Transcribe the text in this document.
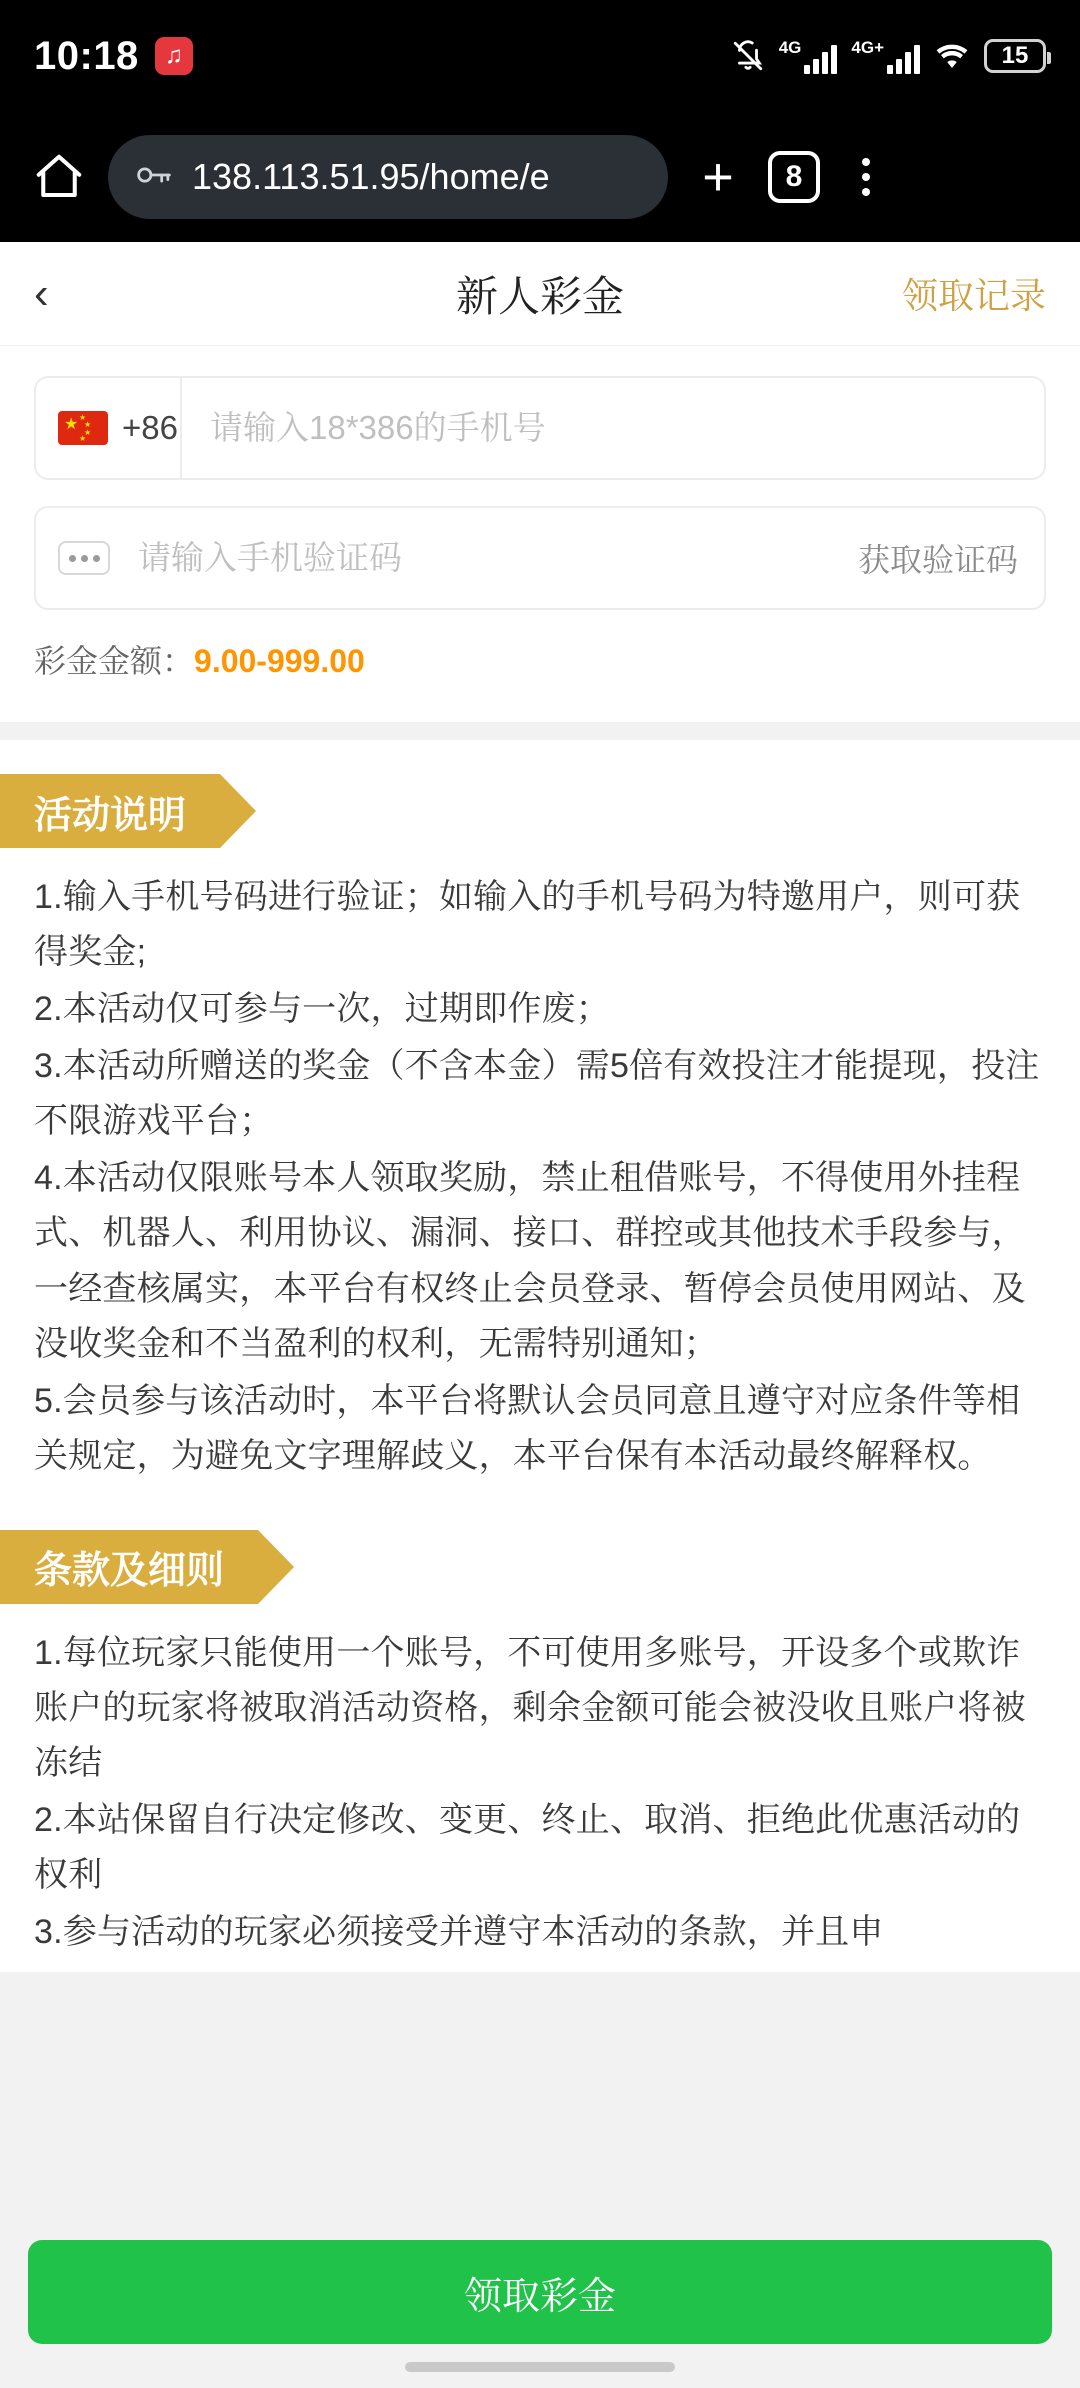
10:18	♫	4G	4G+	15
138.113.51.95/home/e	+	8
‹	新人彩金	领取记录
★ ★
★
★
★ +86
请输入18*386的手机号
请输入手机验证码
获取验证码
彩金金额：9.00-999.00
活动说明

1.输入手机号码进行验证；如输入的手机号码为特邀用户，则可获得奖金;

2.本活动仅可参与一次，过期即作废；

3.本活动所赠送的奖金（不含本金）需5倍有效投注才能提现，投注不限游戏平台；

4.本活动仅限账号本人领取奖励，禁止租借账号，不得使用外挂程式、机器人、利用协议、漏洞、接口、群控或其他技术手段参与，一经查核属实，本平台有权终止会员登录、暂停会员使用网站、及没收奖金和不当盈利的权利，无需特别通知；

5.会员参与该活动时，本平台将默认会员同意且遵守对应条件等相关规定，为避免文字理解歧义，本平台保有本活动最终解释权。

条款及细则

1.每位玩家只能使用一个账号，不可使用多账号，开设多个或欺诈账户的玩家将被取消活动资格，剩余金额可能会被没收且账户将被冻结

2.本站保留自行决定修改、变更、终止、取消、拒绝此优惠活动的权利

3.参与活动的玩家必须接受并遵守本活动的条款，并且申

领取彩金
